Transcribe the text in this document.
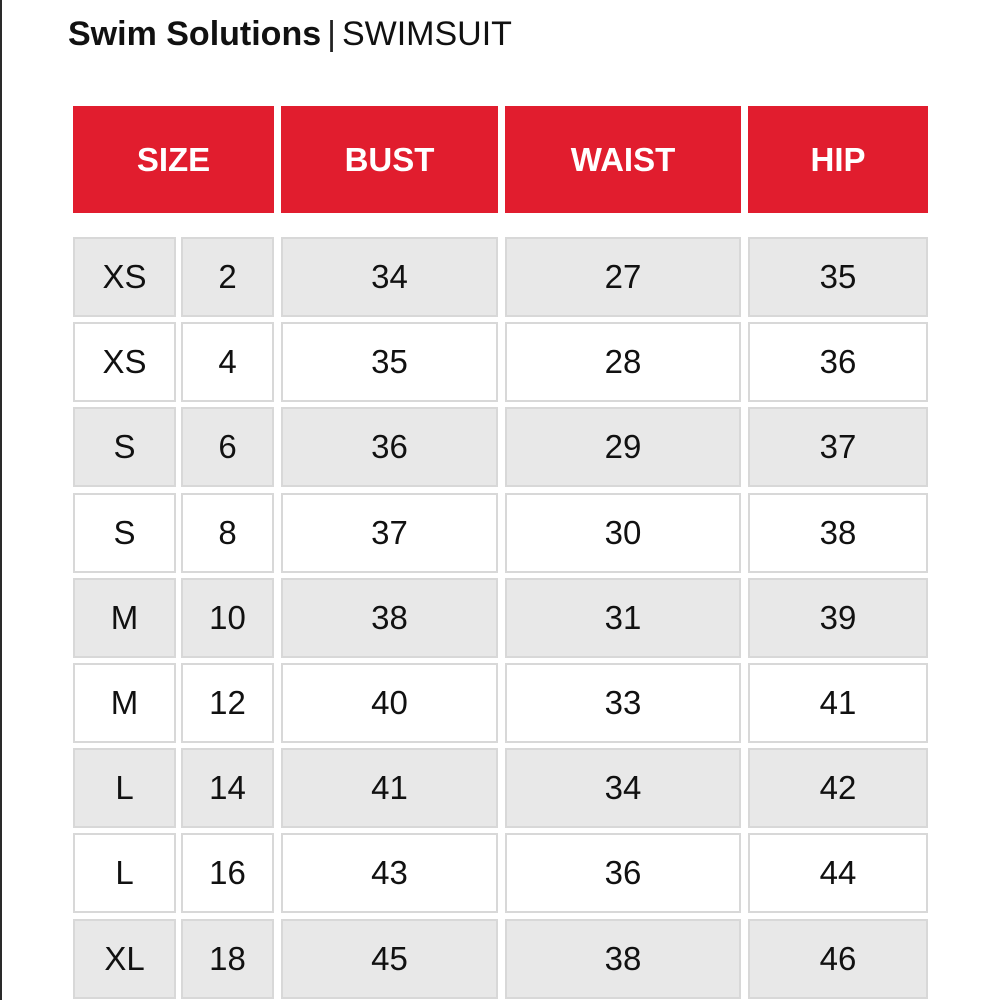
Swim Solutions | SWIMSUIT
SIZE	BUST	WAIST	HIP
XS	2	34	27	35
XS	4	35	28	36
S	6	36	29	37
S	8	37	30	38
M	10	38	31	39
M	12	40	33	41
L	14	41	34	42
L	16	43	36	44
XL	18	45	38	46
